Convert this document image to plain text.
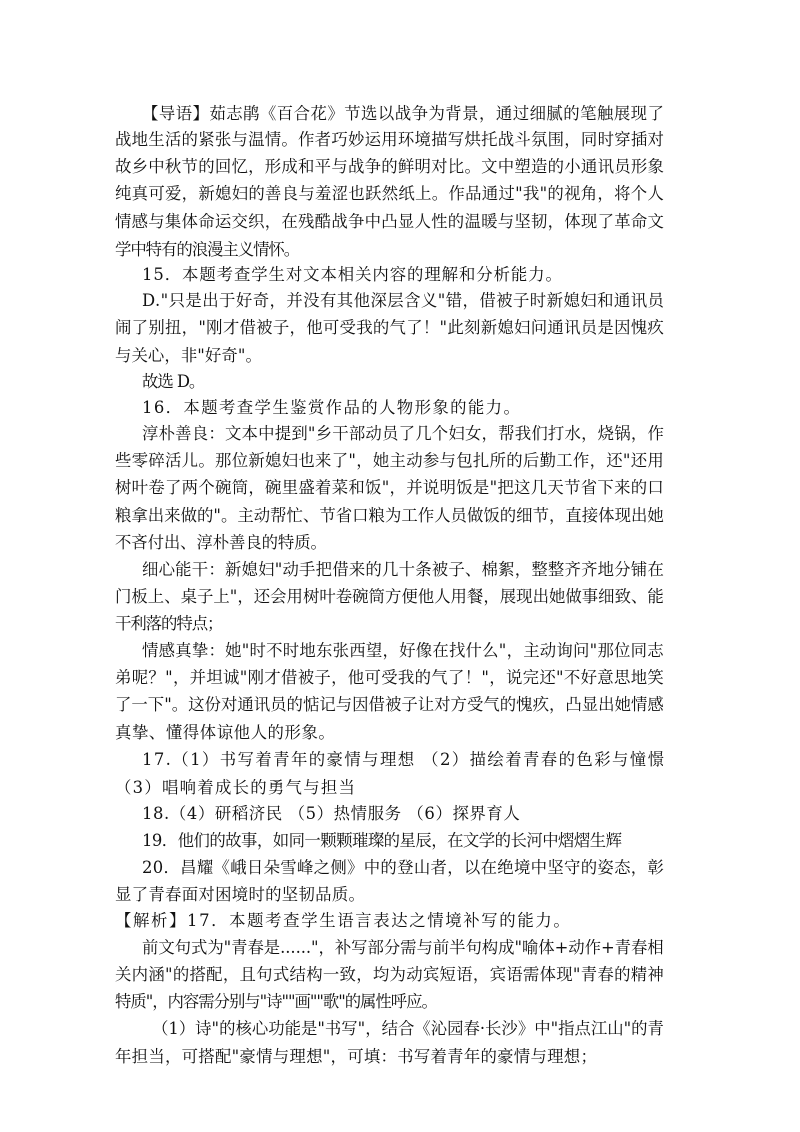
【导语】茹志鹃《百合花》节选以战争为背景，通过细腻的笔触展现了
战地生活的紧张与温情。作者巧妙运用环境描写烘托战斗氛围，同时穿插对
故乡中秋节的回忆，形成和平与战争的鲜明对比。文中塑造的小通讯员形象
纯真可爱，新媳妇的善良与羞涩也跃然纸上。作品通过"我"的视角，将个人
情感与集体命运交织，在残酷战争中凸显人性的温暖与坚韧，体现了革命文
学中特有的浪漫主义情怀。
15．本题考查学生对文本相关内容的理解和分析能力。
D."只是出于好奇，并没有其他深层含义"错，借被子时新媳妇和通讯员
闹了别扭，"刚才借被子，他可受我的气了！"此刻新媳妇问通讯员是因愧疚
与关心，非"好奇"。
故选 D。
16．本题考查学生鉴赏作品的人物形象的能力。
淳朴善良：文本中提到"乡干部动员了几个妇女，帮我们打水，烧锅，作
些零碎活儿。那位新媳妇也来了"，她主动参与包扎所的后勤工作，还"还用
树叶卷了两个碗筒，碗里盛着菜和饭"，并说明饭是"把这几天节省下来的口
粮拿出来做的"。主动帮忙、节省口粮为工作人员做饭的细节，直接体现出她
不吝付出、淳朴善良的特质。
细心能干：新媳妇"动手把借来的几十条被子、棉絮，整整齐齐地分铺在
门板上、桌子上"，还会用树叶卷碗筒方便他人用餐，展现出她做事细致、能
干利落的特点；
情感真挚：她"时不时地东张西望，好像在找什么"，主动询问"那位同志
弟呢？"，并坦诚"刚才借被子，他可受我的气了！"，说完还"不好意思地笑
了一下"。这份对通讯员的惦记与因借被子让对方受气的愧疚，凸显出她情感
真挚、懂得体谅他人的形象。
17.（1）书写着青年的豪情与理想 （2）描绘着青春的色彩与憧憬
（3）唱响着成长的勇气与担当
18.（4）研稻济民 （5）热情服务 （6）探界育人
19．他们的故事，如同一颗颗璀璨的星辰，在文学的长河中熠熠生辉
20．昌耀《峨日朵雪峰之侧》中的登山者，以在绝境中坚守的姿态，彰
显了青春面对困境时的坚韧品质。
【解析】17．本题考查学生语言表达之情境补写的能力。
前文句式为"青春是......"，补写部分需与前半句构成"喻体+动作+青春相
关内涵"的搭配，且句式结构一致，均为动宾短语，宾语需体现"青春的精神
特质"，内容需分别与"诗""画""歌"的属性呼应。
（1）诗"的核心功能是"书写"，结合《沁园春·长沙》中"指点江山"的青
年担当，可搭配"豪情与理想"，可填：书写着青年的豪情与理想；
